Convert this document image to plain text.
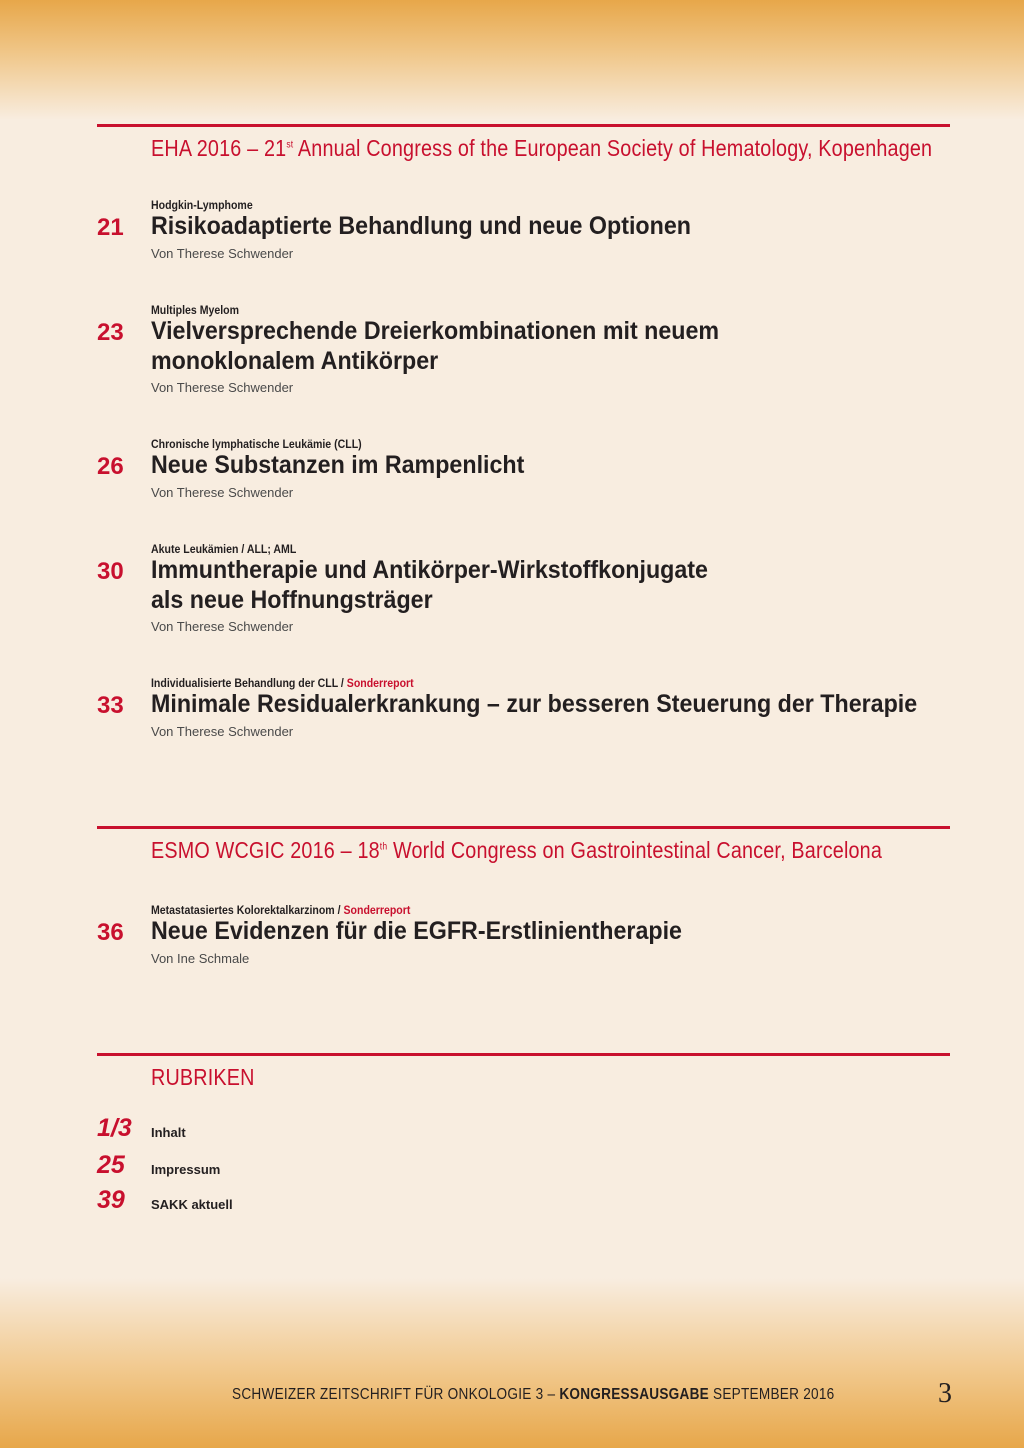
EHA 2016 – 21st Annual Congress of the European Society of Hematology, Kopenhagen
Hodgkin-Lymphome
21 Risikoadaptierte Behandlung und neue Optionen
Von Therese Schwender
Multiples Myelom
23 Vielversprechende Dreierkombinationen mit neuem
monoklonalem Antikörper
Von Therese Schwender
Chronische lymphatische Leukämie (CLL)
26 Neue Substanzen im Rampenlicht
Von Therese Schwender
Akute Leukämien / ALL; AML
30 Immuntherapie und Antikörper-Wirkstoffkonjugate
als neue Hoffnungsträger
Von Therese Schwender
Individualisierte Behandlung der CLL / Sonderreport
33 Minimale Residualerkrankung – zur besseren Steuerung der Therapie
Von Therese Schwender
ESMO WCGIC 2016 – 18th World Congress on Gastrointestinal Cancer, Barcelona
Metastatasiertes Kolorektalkarzinom / Sonderreport
36 Neue Evidenzen für die EGFR-Erstlinientherapie
Von Ine Schmale
RUBRIKEN
1/3 Inhalt
25 Impressum
39 SAKK aktuell
SCHWEIZER ZEITSCHRIFT FÜR ONKOLOGIE 3 – KONGRESSAUSGABE SEPTEMBER 2016	3
